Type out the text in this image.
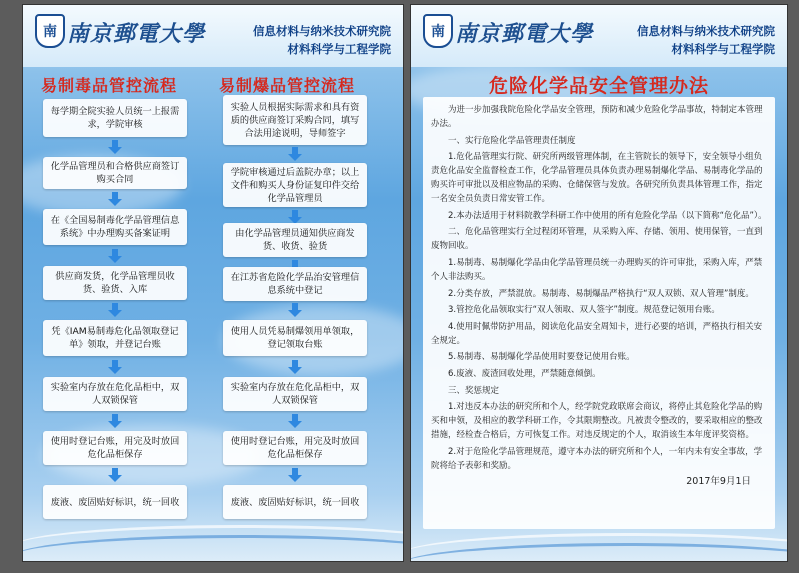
南 南京郵電大學	信息材料与纳米技术研究院
材料科学与工程学院
易制毒品管控流程	易制爆品管控流程
每学期全院实验人员统一上报需求，学院审核
化学品管理员和合格供应商签订购买合同
在《全国易制毒化学品管理信息系统》中办理购买备案证明
供应商发货，化学品管理员收货、验货、入库
凭《IAM易制毒危化品领取登记单》领取，并登记台账
实验室内存放在危化品柜中，双人双锁保管
使用时登记台账，用完及时放回危化品柜保存
废液、废固贴好标识，统一回收
实验人员根据实际需求和具有资质的供应商签订采购合同，填写合法用途说明，导师签字
学院审核通过后盖院办章；以上文件和购买人身份证复印件交给化学品管理员
由化学品管理员通知供应商发货、收货、验货
在江苏省危险化学品治安管理信息系统中登记
使用人员凭易制爆领用单领取，登记领取台账
实验室内存放在危化品柜中，双人双锁保管
使用时登记台账，用完及时放回危化品柜保存
废液、废固贴好标识，统一回收
南 南京郵電大學	信息材料与纳米技术研究院
材料科学与工程学院
危险化学品安全管理办法

为进一步加强我院危险化学品安全管理，预防和减少危险化学品事故，特制定本管理办法。

一、实行危险化学品管理责任制度

1.危化品管理实行院、研究所两级管理体制，在主管院长的领导下，安全领导小组负责危化品安全监督检查工作，化学品管理员具体负责办理易制爆化学品、易制毒化学品的购买许可审批以及相应物品的采购、仓储保管与发放。各研究所负责具体管理工作，指定一名安全员负责日常安管工作。

2.本办法适用于材料院教学科研工作中使用的所有危险化学品（以下简称“危化品”）。

二、危化品管理实行全过程闭环管理，从采购入库、存储、领用、使用保管，一直到废物回收。

1.易制毒、易制爆化学品由化学品管理员统一办理购买的许可审批，采购入库，严禁个人非法购买。

2.分类存放，严禁混放。易制毒、易制爆品严格执行“双人双锁、双人管理”制度。

3.管控危化品领取实行“双人领取、双人签字”制度。规范登记领用台账。

4.使用时佩带防护用品，阅读危化品安全周知卡，进行必要的培训，严格执行相关安全规定。

5.易制毒、易制爆化学品使用时要登记使用台账。

6.废液、废渣回收处理，严禁随意倾倒。

三、奖惩规定

1.对违反本办法的研究所和个人，经学院党政联席会商议，将停止其危险化学品的购买和申领，及相应的教学科研工作，令其限期整改。凡被责令整改的，要采取相应的整改措施，经检查合格后，方可恢复工作。对违反规定的个人，取消该生本年度评奖资格。

2.对于危险化学品管理规范，遵守本办法的研究所和个人，一年内未有安全事故，学院将给予表彰和奖励。

2017年9月1日
